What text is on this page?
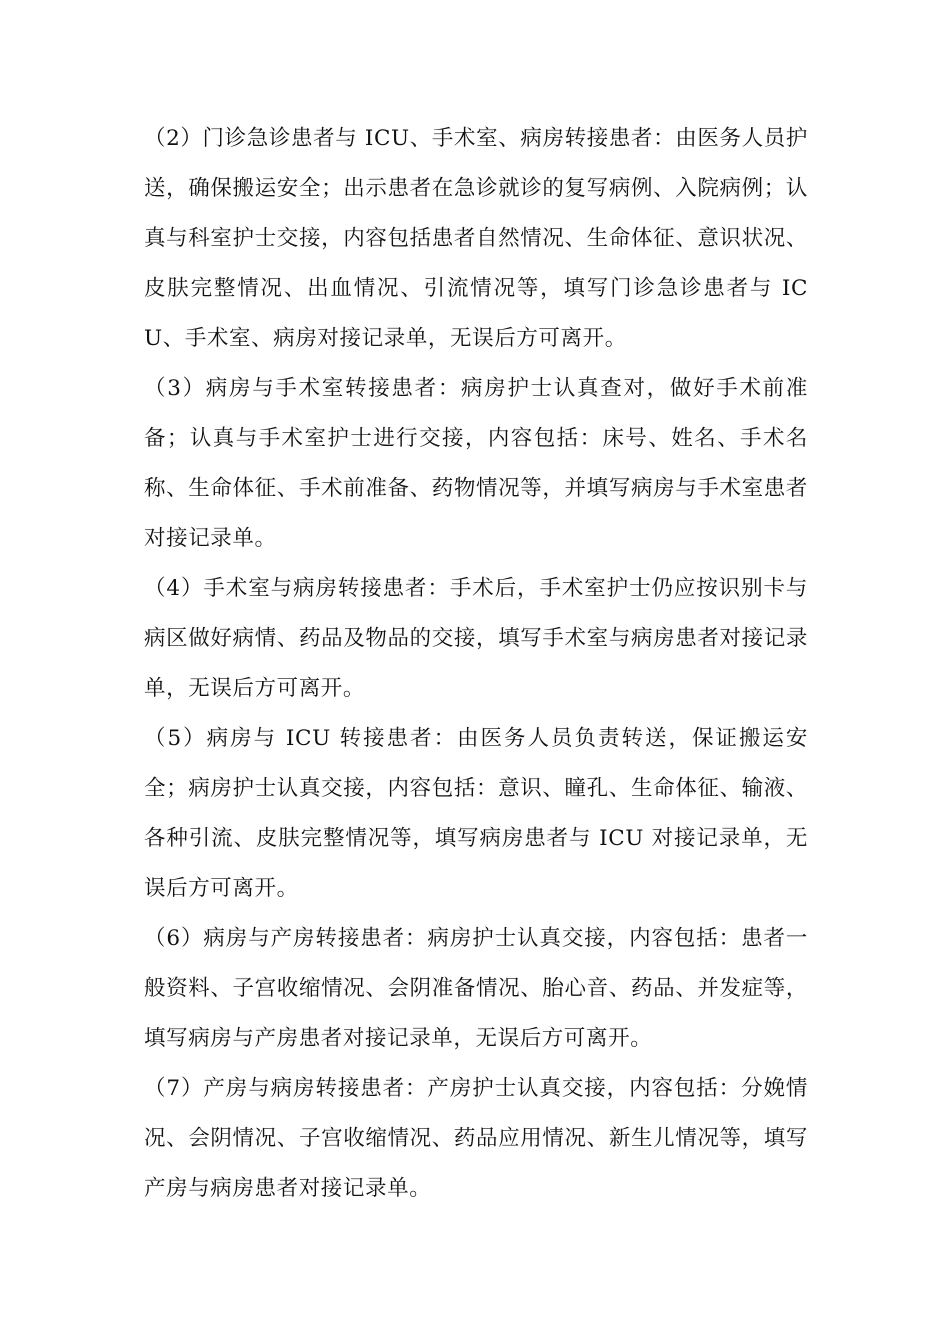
（2）门诊急诊患者与 ICU、手术室、病房转接患者：由医务人员护送，确保搬运安全；出示患者在急诊就诊的复写病例、入院病例；认真与科室护士交接，内容包括患者自然情况、生命体征、意识状况、皮肤完整情况、出血情况、引流情况等，填写门诊急诊患者与 ICU、手术室、病房对接记录单，无误后方可离开。

（3）病房与手术室转接患者：病房护士认真查对，做好手术前准备；认真与手术室护士进行交接，内容包括：床号、姓名、手术名称、生命体征、手术前准备、药物情况等，并填写病房与手术室患者对接记录单。

（4）手术室与病房转接患者：手术后，手术室护士仍应按识别卡与病区做好病情、药品及物品的交接，填写手术室与病房患者对接记录单，无误后方可离开。

（5）病房与 ICU 转接患者：由医务人员负责转送，保证搬运安全；病房护士认真交接，内容包括：意识、瞳孔、生命体征、输液、各种引流、皮肤完整情况等，填写病房患者与 ICU 对接记录单，无误后方可离开。

（6）病房与产房转接患者：病房护士认真交接，内容包括：患者一般资料、子宫收缩情况、会阴准备情况、胎心音、药品、并发症等，填写病房与产房患者对接记录单，无误后方可离开。

（7）产房与病房转接患者：产房护士认真交接，内容包括：分娩情况、会阴情况、子宫收缩情况、药品应用情况、新生儿情况等，填写产房与病房患者对接记录单。
